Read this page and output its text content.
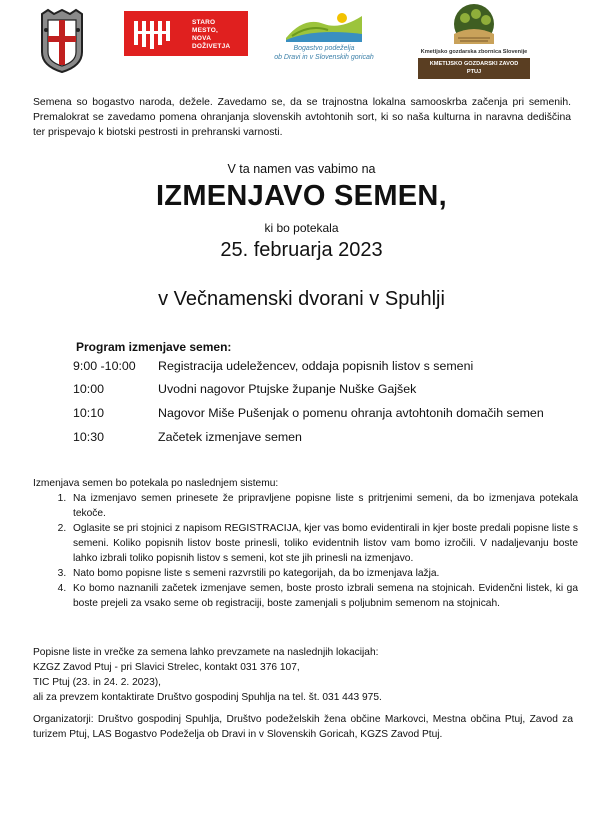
STARO
MESTO,
NOVA
DOŽIVETJA	Bogastvo podeželja
ob Dravi in v Slovenskih goricah
Kmetijsko gozdarska zbornica Slovenije
KMETIJSKO GOZDARSKI ZAVOD
PTUJ
Semena so bogastvo naroda, dežele. Zavedamo se, da se trajnostna lokalna samooskrba začenja pri semenih. Premalokrat se zavedamo pomena ohranjanja slovenskih avtohtonih sort, ki so naša kulturna in naravna dediščina ter prispevajo k biotski pestrosti in prehranski varnosti.
V ta namen vas vabimo na
IZMENJAVO SEMEN,
ki bo potekala
25. februarja 2023
v Večnamenski dvorani v Spuhlji
Program izmenjave semen:
9:00 -10:00 Registracija udeležencev, oddaja popisnih listov s semeni
10:00	Uvodni nagovor Ptujske županje Nuške Gajšek
10:10	Nagovor Miše Pušenjak o pomenu ohranja avtohtonih domačih semen
10:30	Začetek izmenjave semen
Izmenjava semen bo potekala po naslednjem sistemu:
1. Na izmenjavo semen prinesete že pripravljene popisne liste s pritrjenimi semeni, da bo izmenjava potekala tekoče.
2. Oglasite se pri stojnici z napisom REGISTRACIJA, kjer vas bomo evidentirali in kjer boste predali popisne liste s semeni. Koliko popisnih listov boste prinesli, toliko evidentnih listov vam bomo izročili. V nadaljevanju boste lahko izbrali toliko popisnih listov s semeni, kot ste jih prinesli na izmenjavo.
3. Nato bomo popisne liste s semeni razvrstili po kategorijah, da bo izmenjava lažja.
4. Ko bomo naznanili začetek izmenjave semen, boste prosto izbrali semena na stojnicah. Evidenčni listek, ki ga boste prejeli za vsako seme ob registraciji, boste zamenjali s poljubnim semenom na stojnicah.
Popisne liste in vrečke za semena lahko prevzamete na naslednjih lokacijah:
KZGZ Zavod Ptuj - pri Slavici Strelec, kontakt 031 376 107,
TIC Ptuj (23. in 24. 2. 2023),
ali za prevzem kontaktirate Društvo gospodinj Spuhlja na tel. št. 031 443 975.
Organizatorji: Društvo gospodinj Spuhlja, Društvo podeželskih žena občine Markovci, Mestna občina Ptuj, Zavod za turizem Ptuj, LAS Bogastvo Podeželja ob Dravi in v Slovenskih Goricah, KGZS Zavod Ptuj.
